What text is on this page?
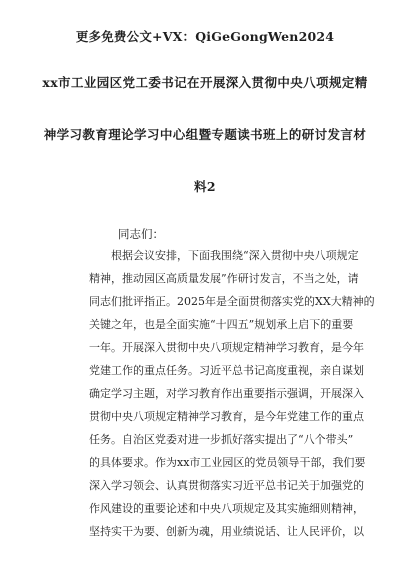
更多免费公文+VX：QiGeGongWen2024
xx市工业园区党工委书记在开展深入贯彻中央八项规定精
神学习教育理论学习中心组暨专题读书班上的研讨发言材
料2
同志们：
根据会议安排，下面我围绕“深入贯彻中央八项规定
精神，推动园区高质量发展”作研讨发言，不当之处，请
同志们批评指正。2025年是全面贯彻落实党的XX大精神的
关键之年，也是全面实施“十四五”规划承上启下的重要
一年。开展深入贯彻中央八项规定精神学习教育，是今年
党建工作的重点任务。习近平总书记高度重视，亲自谋划
确定学习主题，对学习教育作出重要指示强调，开展深入
贯彻中央八项规定精神学习教育，是今年党建工作的重点
任务。自治区党委对进一步抓好落实提出了“八个带头”
的具体要求。作为xx市工业园区的党员领导干部，我们要
深入学习领会、认真贯彻落实习近平总书记关于加强党的
作风建设的重要论述和中央八项规定及其实施细则精神，
坚持实干为要、创新为魂，用业绩说话、让人民评价，以
